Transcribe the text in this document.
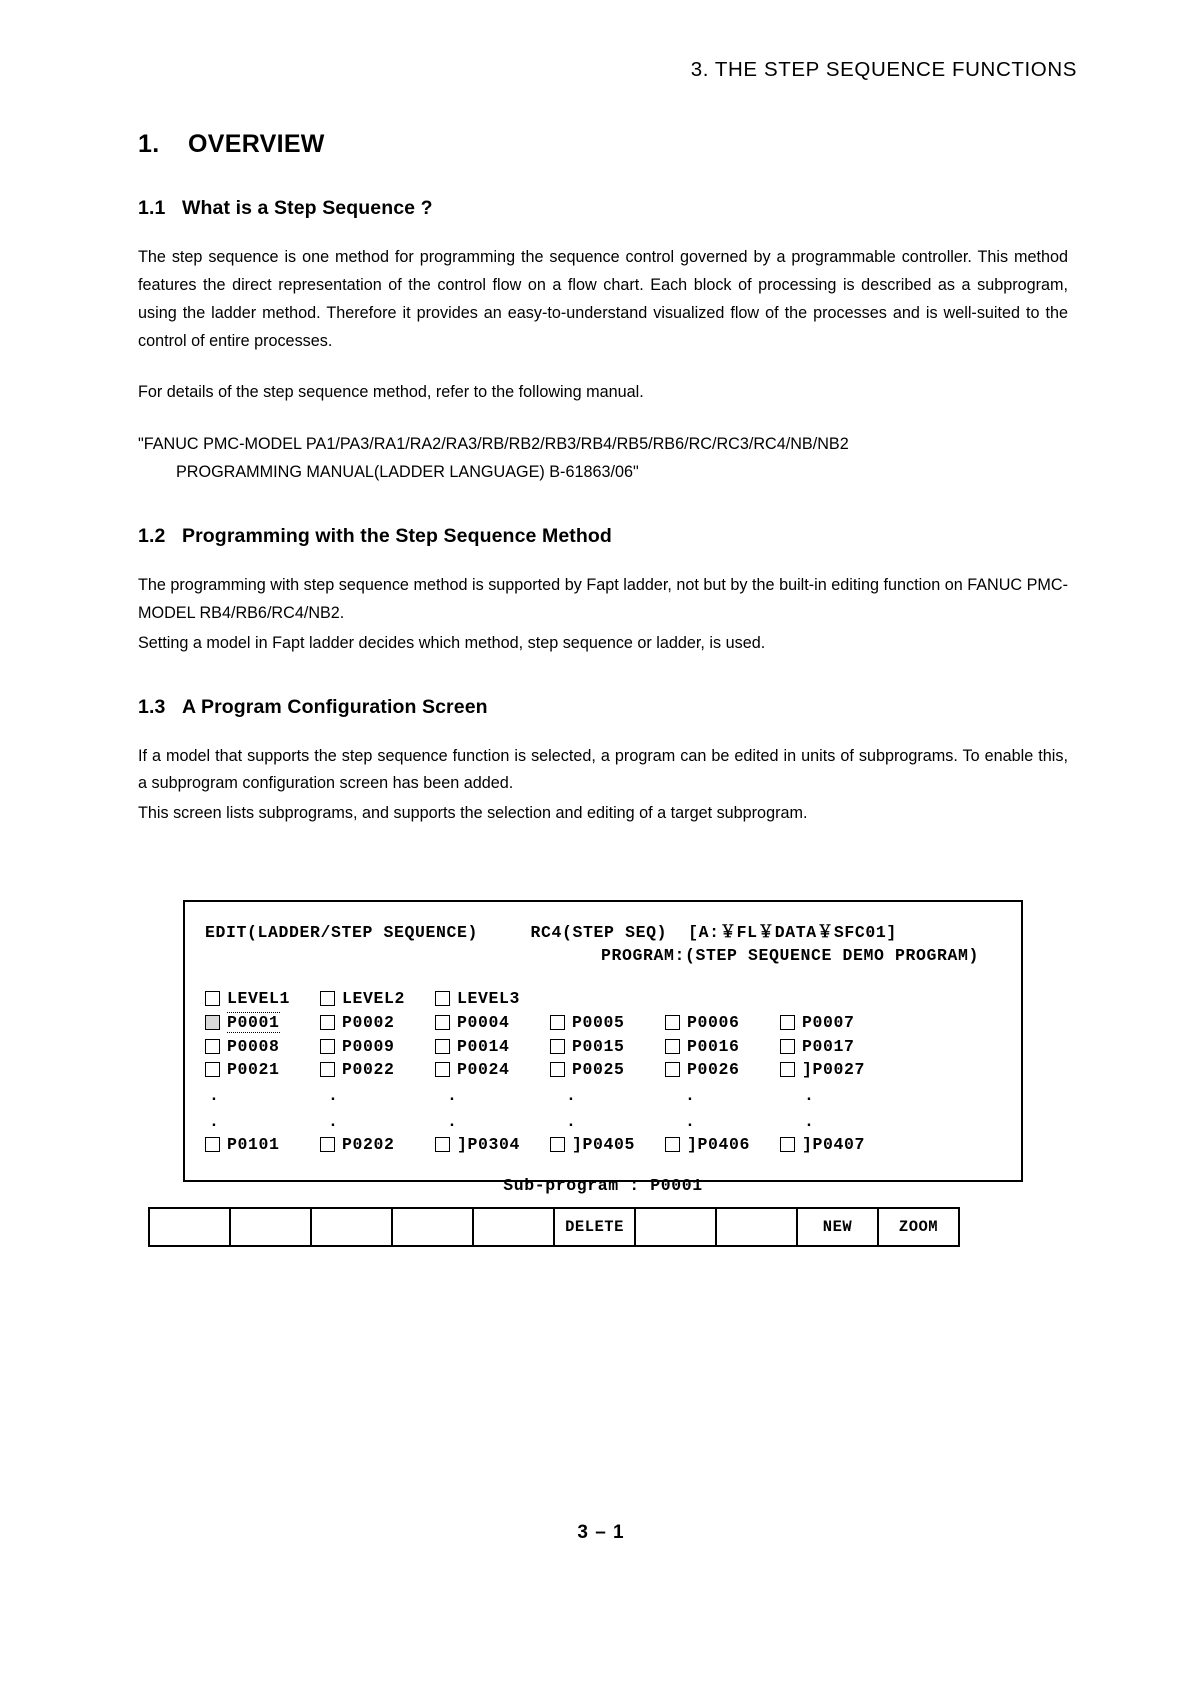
3. THE STEP SEQUENCE FUNCTIONS
1. OVERVIEW
1.1 What is a Step Sequence ?

The step sequence is one method for programming the sequence control governed by a programmable controller. This method features the direct representation of the control flow on a flow chart. Each block of processing is described as a subprogram, using the ladder method. Therefore it provides an easy-to-understand visualized flow of the processes and is well-suited to the control of entire processes.

For details of the step sequence method, refer to the following manual.

"FANUC PMC-MODEL PA1/PA3/RA1/RA2/RA3/RB/RB2/RB3/RB4/RB5/RB6/RC/RC3/RC4/NB/NB2
PROGRAMMING MANUAL(LADDER LANGUAGE) B-61863/06"

1.2 Programming with the Step Sequence Method

The programming with step sequence method is supported by Fapt ladder, not but by the built-in editing function on FANUC PMC-MODEL RB4/RB6/RC4/NB2.

Setting a model in Fapt ladder decides which method, step sequence or ladder, is used.

1.3 A Program Configuration Screen

If a model that supports the step sequence function is selected, a program can be edited in units of subprograms. To enable this, a subprogram configuration screen has been added.

This screen lists subprograms, and supports the selection and editing of a target subprogram.

EDIT(LADDER/STEP SEQUENCE)     RC4(STEP SEQ)  [A:￥FL￥DATA￥SFC01]
PROGRAM:(STEP SEQUENCE DEMO PROGRAM)
LEVEL1	LEVEL2	LEVEL3
P0001	P0002	P0004	P0005	P0006	P0007
P0008	P0009	P0014	P0015	P0016	P0017
P0021	P0022	P0024	P0025	P0026	]P0027
.	.	.	.	.	.
.	.	.	.	.	.
P0101	P0202	]P0304	]P0405	]P0406	]P0407
Sub-program : P0001
DELETE	NEW	ZOOM
3 – 1
